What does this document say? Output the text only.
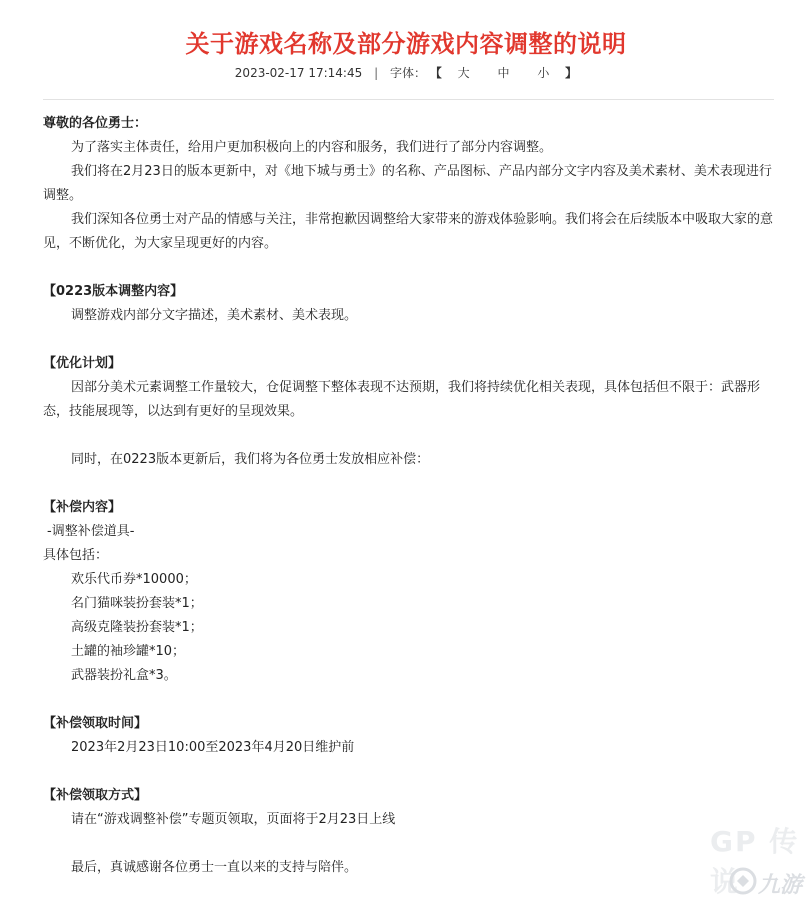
关于游戏名称及部分游戏内容调整的说明
2023-02-17 17:14:45 | 字体： 【 大 中 小 】

尊敬的各位勇士：

为了落实主体责任，给用户更加积极向上的内容和服务，我们进行了部分内容调整。

我们将在2月23日的版本更新中，对《地下城与勇士》的名称、产品图标、产品内部分文字内容及美术素材、美术表现进行调整。

我们深知各位勇士对产品的情感与关注，非常抱歉因调整给大家带来的游戏体验影响。我们将会在后续版本中吸取大家的意见，不断优化，为大家呈现更好的内容。

【0223版本调整内容】

调整游戏内部分文字描述，美术素材、美术表现。

【优化计划】

因部分美术元素调整工作量较大，仓促调整下整体表现不达预期，我们将持续优化相关表现，具体包括但不限于：武器形态，技能展现等，以达到有更好的呈现效果。

同时，在0223版本更新后，我们将为各位勇士发放相应补偿：

【补偿内容】

-调整补偿道具-

具体包括：

欢乐代币券*10000；

名门猫咪装扮套装*1；

高级克隆装扮套装*1；

土罐的袖珍罐*10；

武器装扮礼盒*3。

【补偿领取时间】

2023年2月23日10:00至2023年4月20日维护前

【补偿领取方式】

请在“游戏调整补偿”专题页领取，页面将于2月23日上线

最后，真诚感谢各位勇士一直以来的支持与陪伴。

GP 传说 九游
